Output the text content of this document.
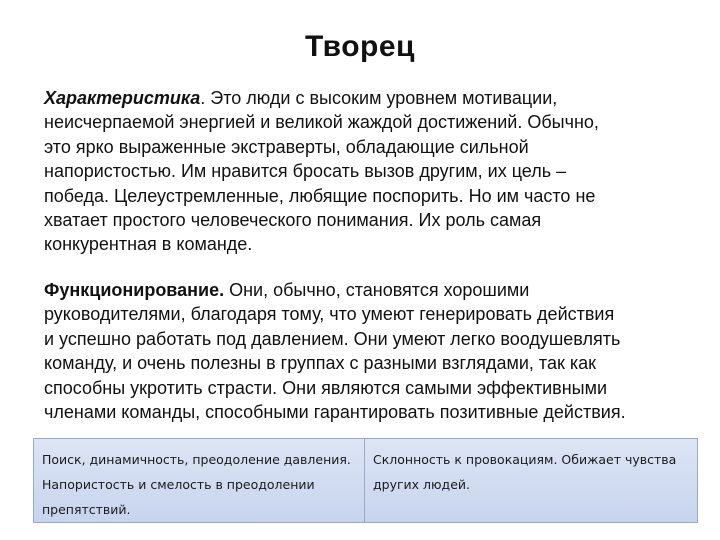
Творец
Характеристика. Это люди с высоким уровнем мотивации,
неисчерпаемой энергией и великой жаждой достижений. Обычно,
это ярко выраженные экстраверты, обладающие сильной
напористостью. Им нравится бросать вызов другим, их цель –
победа. Целеустремленные, любящие поспорить. Но им часто не
хватает простого человеческого понимания. Их роль самая
конкурентная в команде.
Функционирование. Они, обычно, становятся хорошими
руководителями, благодаря тому, что умеют генерировать действия
и успешно работать под давлением. Они умеют легко воодушевлять
команду, и очень полезны в группах с разными взглядами, так как
способны укротить страсти. Они являются самыми эффективными
членами команды, способными гарантировать позитивные действия.
Поиск, динамичность, преодоление давления. Напористость и смелость в преодолении препятствий.
Склонность к провокациям. Обижает чувства других людей.
